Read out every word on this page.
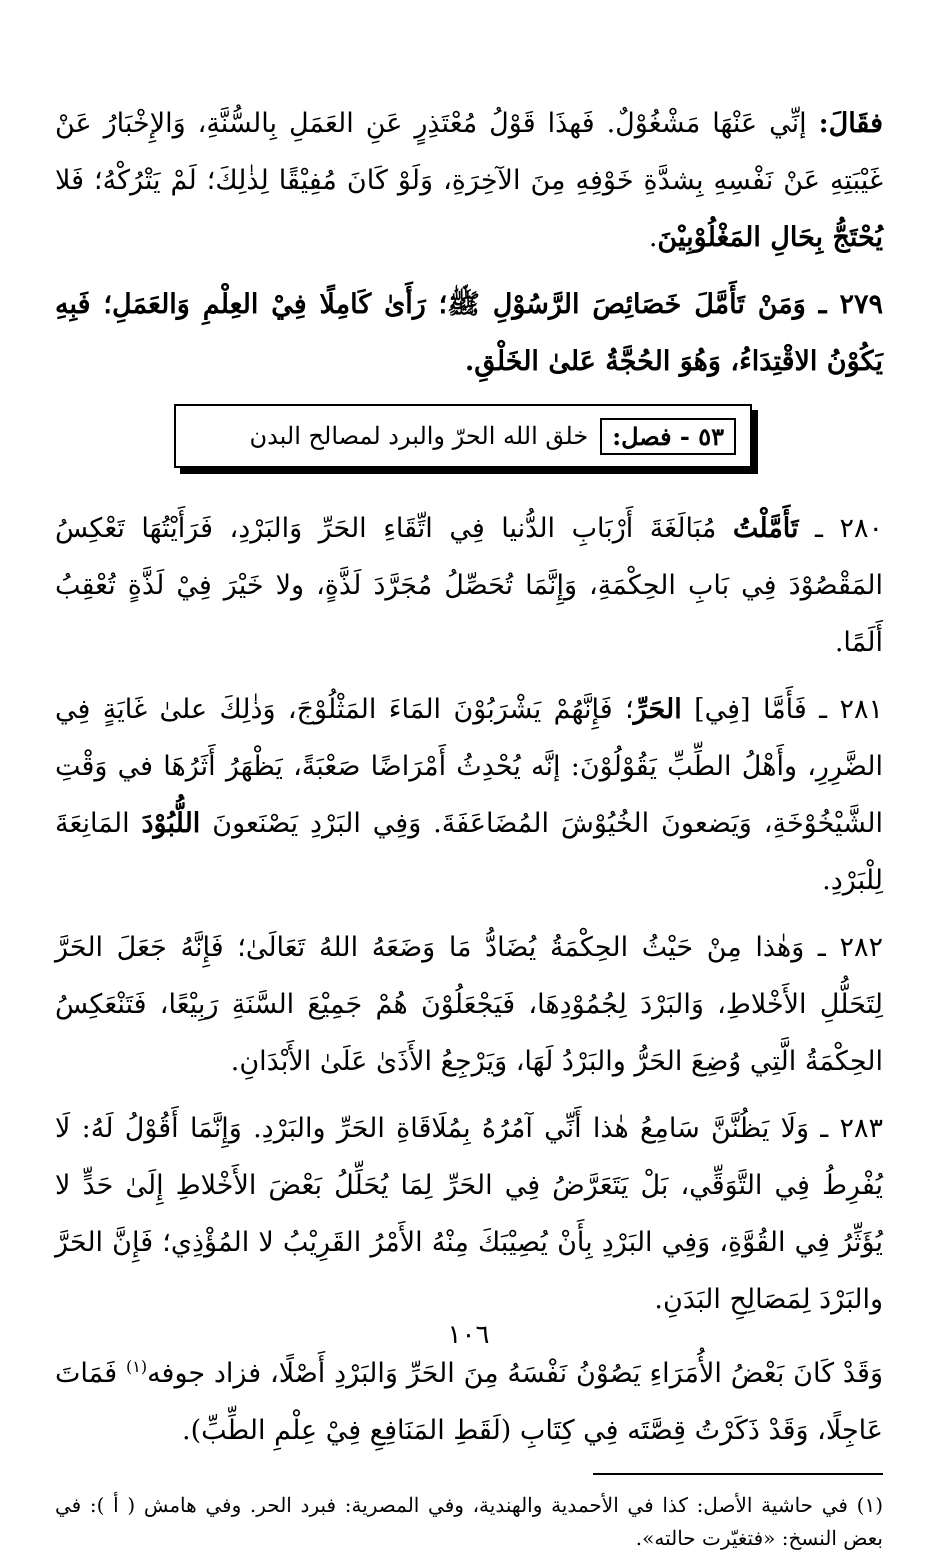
فقَالَ: إنِّي عَنْهَا مَشْغُوْلٌ. فَهذَا قَوْلُ مُعْتَذِرٍ عَنِ العَمَلِ بِالسُّنَّةِ، وَالإِخْبَارُ عَنْ غَيْبَتِهِ عَنْ نَفْسِهِ بِشدَّةِ خَوْفِهِ مِنَ الآخِرَةِ، وَلَوْ كَانَ مُفِيْقًا لِذٰلِكَ؛ لَمْ يَتْرُكْهُ؛ فَلا يُحْتَجُّ بِحَالِ المَغْلُوْبِيْنَ.

٢٧٩ ـ وَمَنْ تَأَمَّلَ خَصَائِصَ الرَّسُوْلِ ﷺ؛ رَأَىٰ كَامِلًا فِيْ العِلْمِ وَالعَمَلِ؛ فَبِهِ يَكُوْنُ الاقْتِدَاءُ، وَهُوَ الحُجَّةُ عَلىٰ الخَلْقِ.

٥٣ - فصل:
خلق الله الحرّ والبرد لمصالح البدن

٢٨٠ ـ تَأَمَّلْتُ مُبَالَغَةَ أَرْبَابِ الدُّنيا فِي اتِّقَاءِ الحَرِّ وَالبَرْدِ، فَرَأَيْتُهَا تَعْكِسُ المَقْصُوْدَ فِي بَابِ الحِكْمَةِ، وَإِنَّمَا تُحَصِّلُ مُجَرَّدَ لَذَّةٍ، ولا خَيْرَ فِيْ لَذَّةٍ تُعْقِبُ أَلَمًا.

٢٨١ ـ فَأَمَّا [فِي] الحَرِّ؛ فَإِنَّهُمْ يَشْرَبُوْنَ المَاءَ المَثْلُوْجَ، وَذٰلِكَ علىٰ غَايَةٍ فِي الضَّرِرِ، وأَهْلُ الطِّبِّ يَقُوْلُوْنَ: إنَّه يُحْدِثُ أَمْرَاضًا صَعْبَةً، يَظْهَرُ أَثَرُهَا في وَقْتِ الشَّيْخُوْخَةِ، وَيَضعونَ الخُيُوْشَ المُضَاعَفَةَ. وَفِي البَرْدِ يَصْنَعونَ اللُّبُوْدَ المَانِعَةَ لِلْبَرْدِ.

٢٨٢ ـ وَهٰذا مِنْ حَيْثُ الحِكْمَةُ يُضَادُّ مَا وَضَعَهُ اللهُ تَعَالَىٰ؛ فَإِنَّهُ جَعَلَ الحَرَّ لِتَحَلُّلِ الأَخْلاطِ، وَالبَرْدَ لِجُمُوْدِهَا، فَيَجْعَلُوْنَ هُمْ جَمِيْعَ السَّنَةِ رَبِيْعًا، فَتَنْعَكِسُ الحِكْمَةُ الَّتِي وُضِعَ الحَرُّ والبَرْدُ لَهَا، وَيَرْجِعُ الأَذَىٰ عَلَىٰ الأَبْدَانِ.

٢٨٣ ـ وَلَا يَظُنَّنَّ سَامِعُ هٰذا أَنِّي آمُرُهُ بِمُلَاقَاةِ الحَرِّ والبَرْدِ. وَإِنَّمَا أَقُوْلُ لَهُ: لَا يُفْرِطُ فِي التَّوَقِّي، بَلْ يَتَعَرَّضُ فِي الحَرِّ لِمَا يُحَلِّلُ بَعْضَ الأَخْلاطِ إِلَىٰ حَدٍّ لا يُؤَثِّرُ فِي القُوَّةِ، وَفِي البَرْدِ بِأَنْ يُصِيْبَكَ مِنْهُ الأَمْرُ القَرِيْبُ لا المُؤْذِي؛ فَإِنَّ الحَرَّ والبَرْدَ لِمَصَالِحِ البَدَنِ.

وَقَدْ كَانَ بَعْضُ الأُمَرَاءِ يَصُوْنُ نَفْسَهُ مِنَ الحَرِّ وَالبَرْدِ أَصْلًا، فزاد جوفه$^{(١)}$ فَمَاتَ عَاجِلًا، وَقَدْ ذَكَرْتُ قِصَّتَه فِي كِتَابِ (لَقَطِ المَنَافِعِ فِيْ عِلْمِ الطِّبِّ).

(١) في حاشية الأصل: كذا في الأحمدية والهندية، وفي المصرية: فبرد الحر. وفي هامش ( أ ): في بعض النسخ: «فتغيّرت حالته».

١٠٦
